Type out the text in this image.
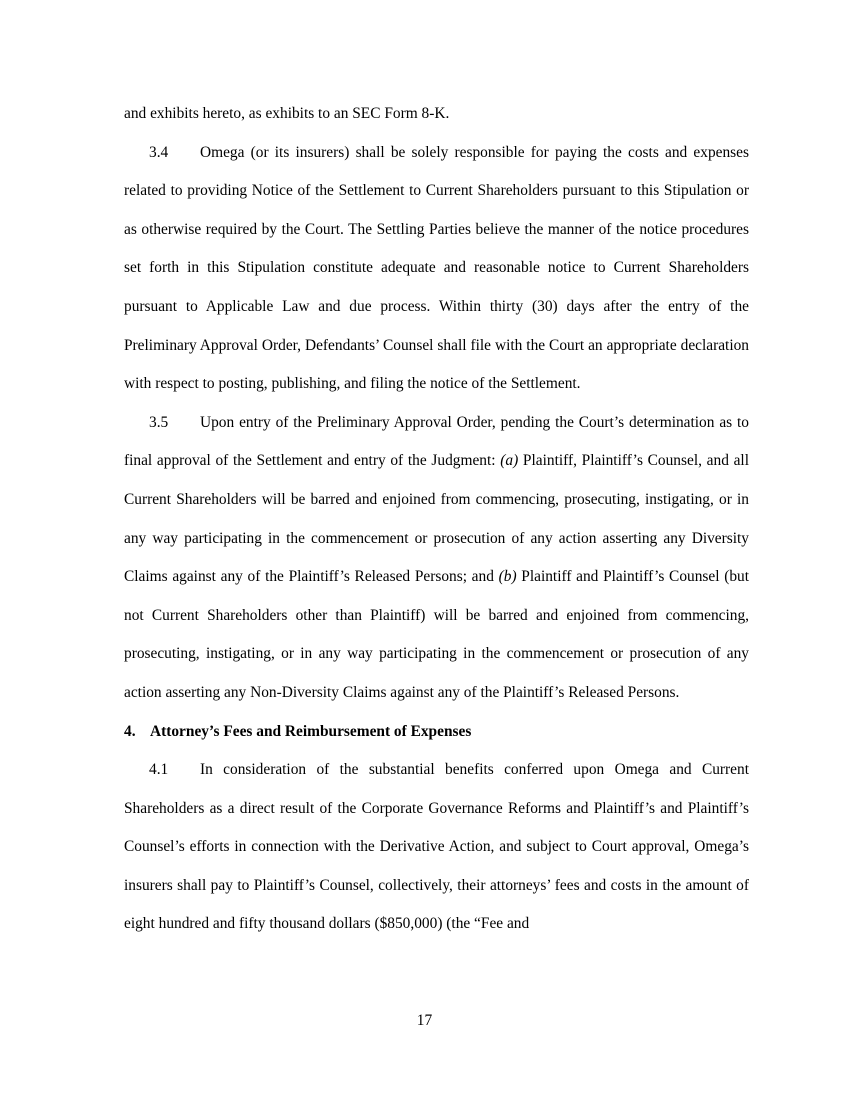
and exhibits hereto, as exhibits to an SEC Form 8-K.

3.4 Omega (or its insurers) shall be solely responsible for paying the costs and expenses related to providing Notice of the Settlement to Current Shareholders pursuant to this Stipulation or as otherwise required by the Court. The Settling Parties believe the manner of the notice procedures set forth in this Stipulation constitute adequate and reasonable notice to Current Shareholders pursuant to Applicable Law and due process. Within thirty (30) days after the entry of the Preliminary Approval Order, Defendants’ Counsel shall file with the Court an appropriate declaration with respect to posting, publishing, and filing the notice of the Settlement.

3.5 Upon entry of the Preliminary Approval Order, pending the Court’s determination as to final approval of the Settlement and entry of the Judgment: (a) Plaintiff, Plaintiff’s Counsel, and all Current Shareholders will be barred and enjoined from commencing, prosecuting, instigating, or in any way participating in the commencement or prosecution of any action asserting any Diversity Claims against any of the Plaintiff’s Released Persons; and (b) Plaintiff and Plaintiff’s Counsel (but not Current Shareholders other than Plaintiff) will be barred and enjoined from commencing, prosecuting, instigating, or in any way participating in the commencement or prosecution of any action asserting any Non-Diversity Claims against any of the Plaintiff’s Released Persons.

4. Attorney’s Fees and Reimbursement of Expenses

4.1 In consideration of the substantial benefits conferred upon Omega and Current Shareholders as a direct result of the Corporate Governance Reforms and Plaintiff’s and Plaintiff’s Counsel’s efforts in connection with the Derivative Action, and subject to Court approval, Omega’s insurers shall pay to Plaintiff’s Counsel, collectively, their attorneys’ fees and costs in the amount of eight hundred and fifty thousand dollars ($850,000) (the “Fee and

17
